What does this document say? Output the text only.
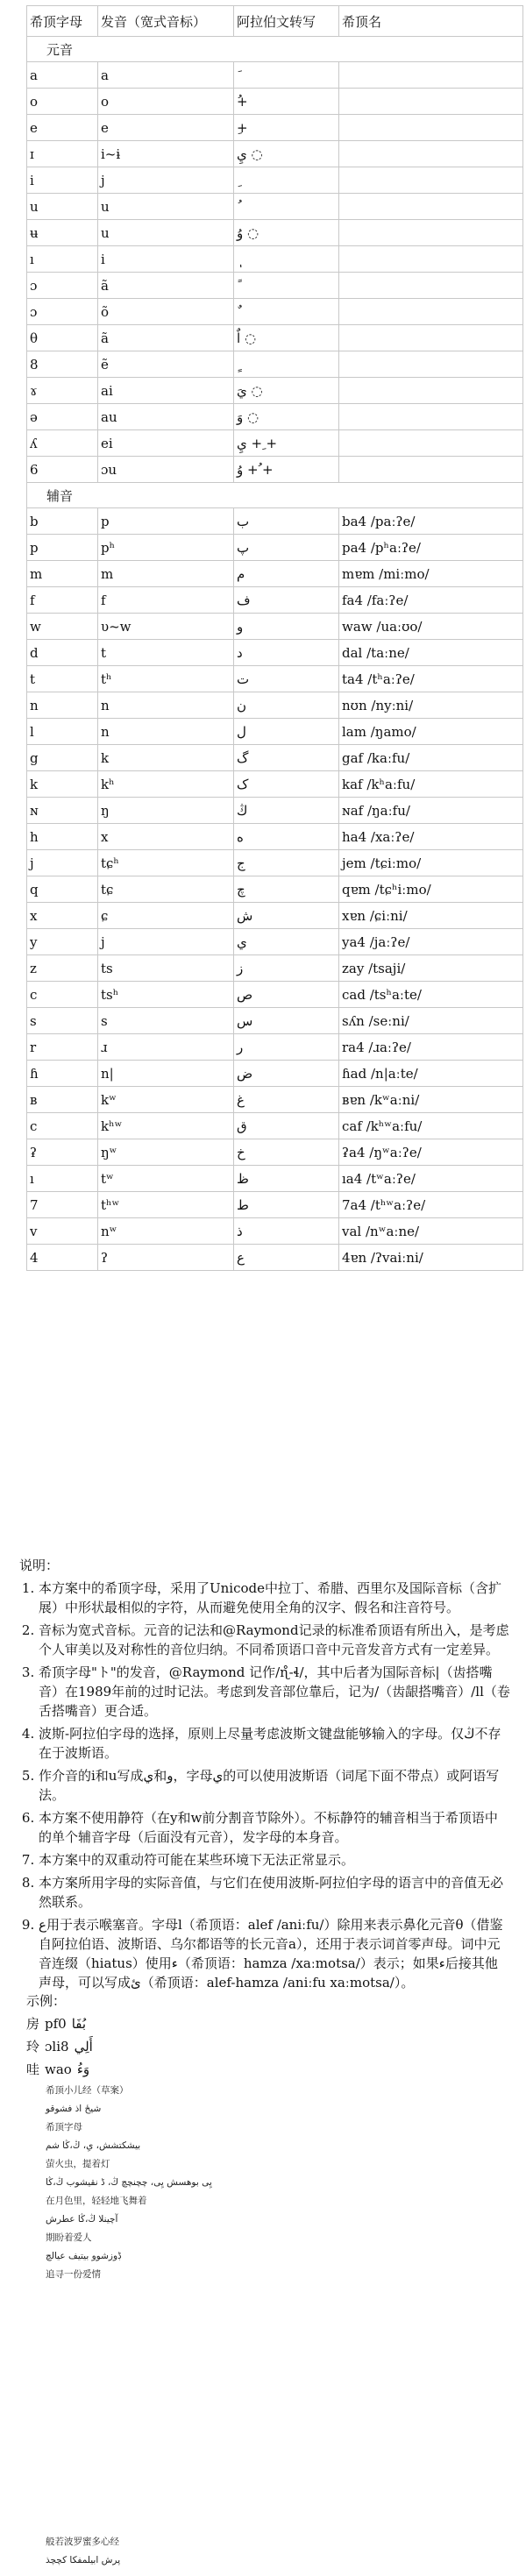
希顶字母	发音（宽式音标）	阿拉伯文转写	希顶名
元音			
a	a		
o	o	ُ+	
e	e	ِ+	
ɪ	i~ɨ	يِ ◌	
i	j		
u	u		
ʉ	u	وُ ◌	
ı	i		
ɔ	ã		
ɔ	õ		
θ	ã	اٌ ◌	
8	ẽ		
ɤ	ai	يَ ◌	
ə	au	وَ ◌	
ʎ	ei	يِ + ِ+	
6	ɔu	وُ + ُ+	
辅音			
b	p	ب	ba4 /paːʔe/
p	pʰ	پ	pa4 /pʰaːʔe/
m	m	م	mɐm /miːmo/
f	f	ف	fa4 /faːʔe/
w	υ~w	و	waw /uaːʊo/
d	t	د	dal /taːne/
t	tʰ	ت	ta4 /tʰaːʔe/
n	n	ن	nʊn /nyːni/
l	n	ل	lam /ŋamo/
g	k	گ	gaf /kaːfu/
k	kʰ	ک	kaf /kʰaːfu/
ɴ	ŋ	ڭ	ɴaf /ŋaːfu/
h	x	ه	ha4 /xaːʔe/
j	tɕʰ	ج	jem /tɕiːmo/
q	tɕ	چ	qɐm /tɕʰiːmo/
x	ɕ	ش	xɐn /ɕiːni/
y	j	ي	ya4 /jaːʔe/
z	ts	ز	zay /tsaji/
c	tsʰ	ص	cad /tsʰaːte/
s	s	س	sʎn /seːni/
r	ɹ	ر	ra4 /ɹaːʔe/
ɦ	n|	ض	ɦad /n|aːte/
ʙ	kʷ	غ	ʙɐn /kʷaːni/
c	kʰʷ	ق	caf /kʰʷaːfu/
ʡ	ŋʷ	خ	ʡa4 /ŋʷaːʔe/
ı	tʷ	ظ	ıa4 /tʷaːʔe/
7	tʰʷ	ط	7a4 /tʰʷaːʔe/
v	nʷ	ذ	val /nʷaːne/
4	ʔ	ع	4ɐn /ʔvaiːni/
说明：
1. 本方案中的希顶字母，采用了Unicode中拉丁、希腊、西里尔及国际音标（含扩展）中形状最相似的字符，从而避免使用全角的汉字、假名和注音符号。
2. 音标为宽式音标。元音的记法和@Raymond记录的标准希顶语有所出入，是考虑个人审美以及对称性的音位归纳。不同希顶语口音中元音发音方式有一定差异。
3. 希顶字母"ト"的发音，@Raymond 记作/ɳ̊-ɬ/，其中后者为国际音标|（齿搭嘴音）在1989年前的过时记法。考虑到发音部位靠后，记为/（齿龈搭嘴音）/ll（卷舌搭嘴音）更合适。
4. 波斯-阿拉伯字母的选择，原则上尽量考虑波斯文键盘能够输入的字母。仅ڭ不存在于波斯语。
5. 作介音的i和u写成ي和و，字母ي的可以使用波斯语（词尾下面不带点）或阿语写法。
6. 本方案不使用静符（在y和w前分割音节除外）。不标静符的辅音相当于希顶语中的单个辅音字母（后面没有元音），发字母的本身音。
7. 本方案中的双重动符可能在某些环境下无法正常显示。
8. 本方案所用字母的实际音值，与它们在使用波斯-阿拉伯字母的语言中的音值无必然联系。
9. ع用于表示喉塞音。字母l（希顶语：alef /aniːfu/）除用来表示鼻化元音θ（借鉴自阿拉伯语、波斯语、乌尔都语等的长元音a），还用于表示词首零声母。词中元音连缀（hiatus）使用ء（希顶语：hamza /xaːmotsa/）表示；如果ء后接其他声母，可以写成ئ（希顶语：alef-hamza /aniːfu xaːmotsa/）。
示例：
房 pf0 بُفَا
玲 ɔli8 أَلِي
哇 wao وَءُ
希顶小儿经（草案）
شيځ اذ فشوقو
希顶字母
بيشكتشش، ىِ، ڭ،ڭا شم
萤火虫，提着灯
يِى بوهسش يِى، چچنچچ ڭ، ڈ نقيشوب ڭ،ڭا
在月色里，轻轻地飞舞着
آچينلا ڭ،ڭا عطرش
期盼着爱人
ڋوزشوو بيتيف عيالچ
追寻一份爱情
般若波罗蜜多心经
پرش ابيلمفکا کچچذ
